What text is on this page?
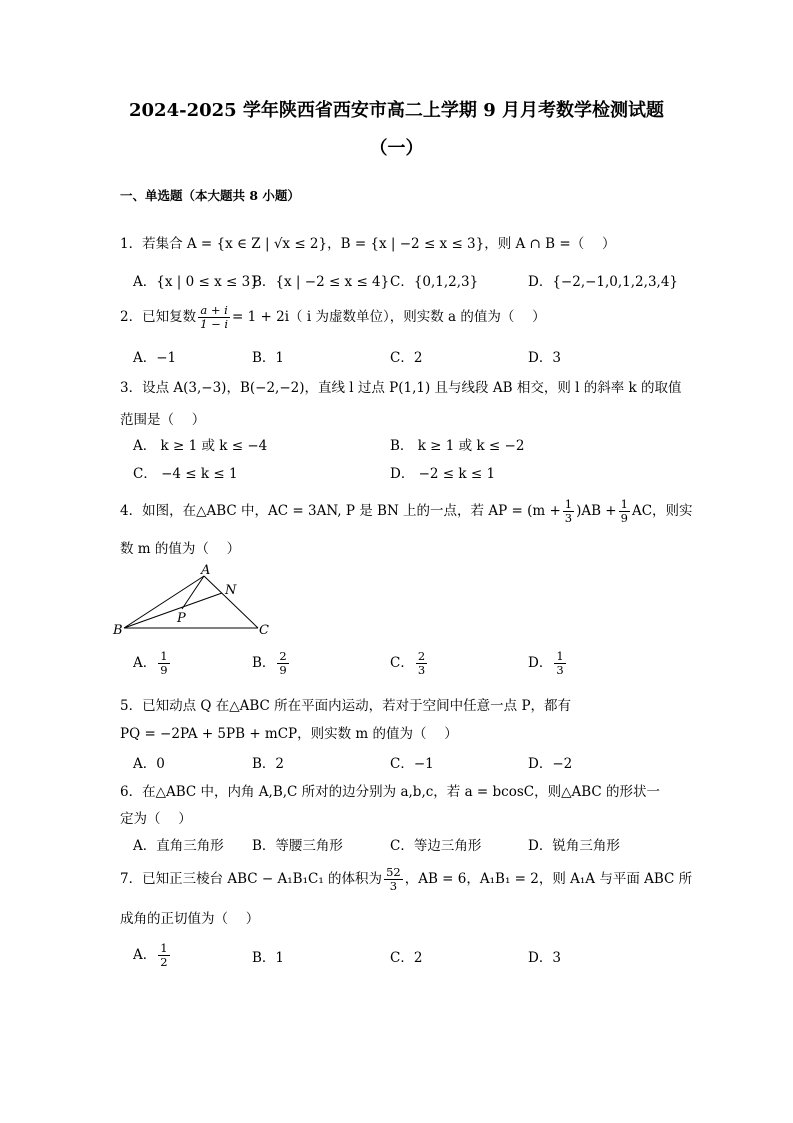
2024-2025 学年陕西省西安市高二上学期 9 月月考数学检测试题
（一）
一、单选题（本大题共 8 小题）
1．若集合 A = {x ∈ Z | √x ≤ 2}，B = {x | −2 ≤ x ≤ 3}，则 A ∩ B =（　 ）
A．{x | 0 ≤ x ≤ 3}
B．{x | −2 ≤ x ≤ 4} C．{0,1,2,3}	D．{−2,−1,0,1,2,3,4}
2．已知复数 $\frac{a + i}{1 - i} = 1 + 2i$（ i 为虚数单位），则实数 a 的值为（　 ）
A．−1	B．1	C．2	D．3
3．设点 A(3,−3)，B(−2,−2)，直线 l 过点 P(1,1) 且与线段 AB 相交，则 l 的斜率 k 的取值
范围是（　 ）
A． k ≥ 1 或 k ≤ −4	B． k ≥ 1 或 k ≤ −2
C． −4 ≤ k ≤ 1	D． −2 ≤ k ≤ 1
4．如图，在△ABC 中，AC = 3AN, P 是 BN 上的一点，若 AP = $(m + \frac{1}{3} )AB + \frac{1}{9}$ AC，则实
数 m 的值为（　 ）
A
N
P
B	C
A． $\frac{1}{9}$	B． $\frac{2}{9}$	C． $\frac{2}{3}$	D． $\frac{1}{3}$
5．已知动点 Q 在△ABC 所在平面内运动，若对于空间中任意一点 P，都有
PQ = −2PA + 5PB + mCP，则实数 m 的值为（　 ）
A．0	B．2	C．−1	D．−2
6．在△ABC 中，内角 A,B,C 所对的边分别为 a,b,c，若 a = bcosC，则△ABC 的形状一
定为（　 ）
A．直角三角形 B．等腰三角形	C．等边三角形	D．锐角三角形
7．已知正三棱台 ABC − A₁B₁C₁ 的体积为 $\frac{52}{3}$ ，AB = 6，A₁B₁ = 2，则 A₁A 与平面 ABC 所
成角的正切值为（　 ）
A． $\frac{1}{2}$	B．1	C．2	D．3
